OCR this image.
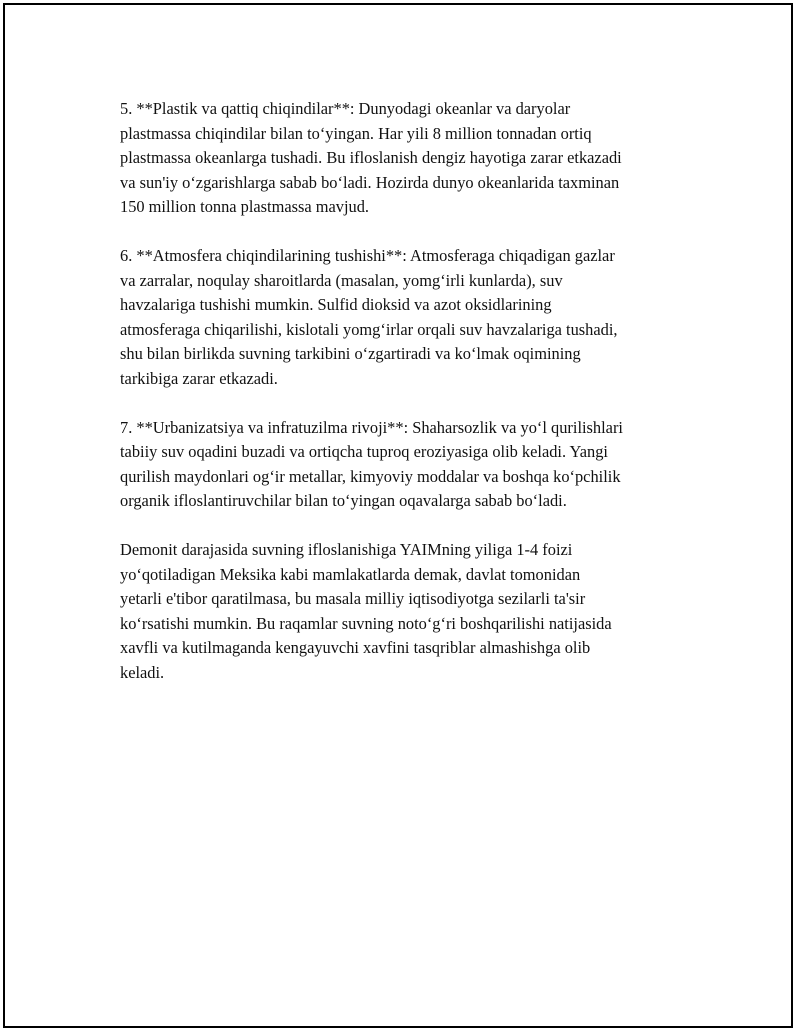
5. **Plastik va qattiq chiqindilar**: Dunyodagi okeanlar va daryolar
plastmassa chiqindilar bilan to‘yingan. Har yili 8 million tonnadan ortiq
plastmassa okeanlarga tushadi. Bu ifloslanish dengiz hayotiga zarar etkazadi
va sun'iy o‘zgarishlarga sabab bo‘ladi. Hozirda dunyo okeanlarida taxminan
150 million tonna plastmassa mavjud.

6. **Atmosfera chiqindilarining tushishi**: Atmosferaga chiqadigan gazlar
va zarralar, noqulay sharoitlarda (masalan, yomg‘irli kunlarda), suv
havzalariga tushishi mumkin. Sulfid dioksid va azot oksidlarining
atmosferaga chiqarilishi, kislotali yomg‘irlar orqali suv havzalariga tushadi,
shu bilan birlikda suvning tarkibini o‘zgartiradi va ko‘lmak oqimining
tarkibiga zarar etkazadi.

7. **Urbanizatsiya va infratuzilma rivoji**: Shaharsozlik va yo‘l qurilishlari
tabiiy suv oqadini buzadi va ortiqcha tuproq eroziyasiga olib keladi. Yangi
qurilish maydonlari og‘ir metallar, kimyoviy moddalar va boshqa ko‘pchilik
organik ifloslantiruvchilar bilan to‘yingan oqavalarga sabab bo‘ladi.

Demonit darajasida suvning ifloslanishiga YAIMning yiliga 1-4 foizi
yo‘qotiladigan Meksika kabi mamlakatlarda demak, davlat tomonidan
yetarli e'tibor qaratilmasa, bu masala milliy iqtisodiyotga sezilarli ta'sir
ko‘rsatishi mumkin. Bu raqamlar suvning noto‘g‘ri boshqarilishi natijasida
xavfli va kutilmaganda kengayuvchi xavfini tasqriblar almashishga olib
keladi.
